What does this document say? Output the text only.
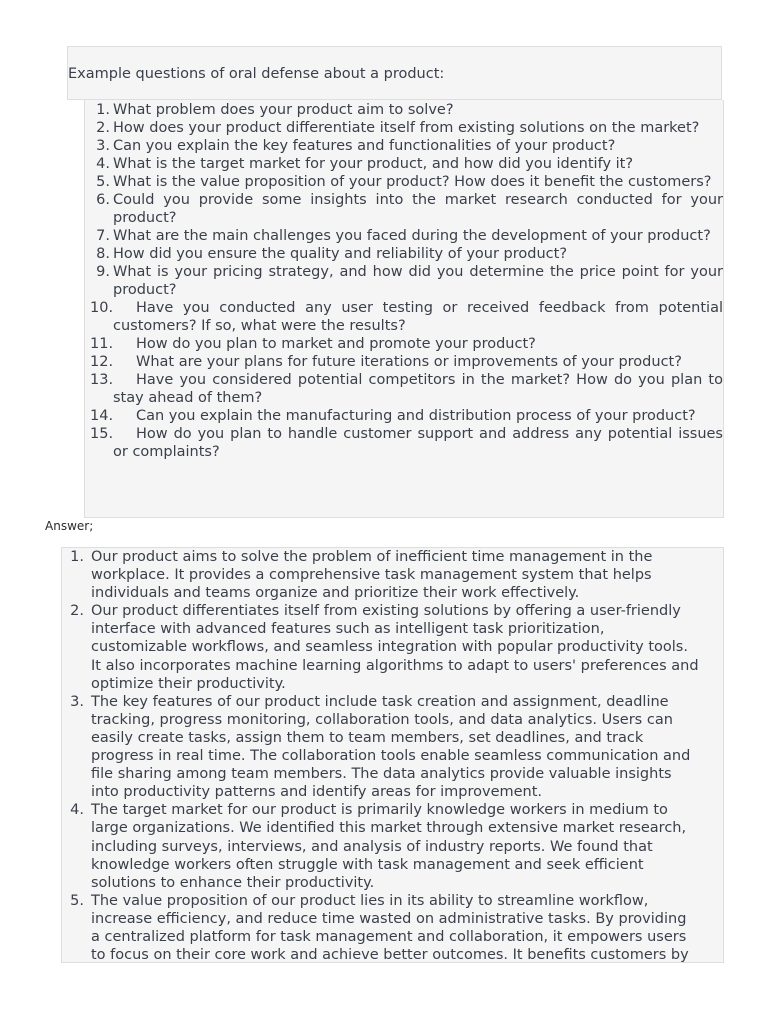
Example questions of oral defense about a product:
1. What problem does your product aim to solve?
2. How does your product differentiate itself from existing solutions on the market?
3. Can you explain the key features and functionalities of your product?
4. What is the target market for your product, and how did you identify it?
5. What is the value proposition of your product? How does it benefit the customers?
6. Could you provide some insights into the market research conducted for your product?
7. What are the main challenges you faced during the development of your product?
8. How did you ensure the quality and reliability of your product?
9. What is your pricing strategy, and how did you determine the price point for your product?
10.	Have you conducted any user testing or received feedback from potential customers? If so, what were the results?
11.	How do you plan to market and promote your product?
12.	What are your plans for future iterations or improvements of your product?
13.	Have you considered potential competitors in the market? How do you plan to stay ahead of them?
14.	Can you explain the manufacturing and distribution process of your product?
15.	How do you plan to handle customer support and address any potential issues or complaints?
Answer;
1. Our product aims to solve the problem of inefficient time management in the
workplace. It provides a comprehensive task management system that helps
individuals and teams organize and prioritize their work effectively.
2. Our product differentiates itself from existing solutions by offering a user-friendly
interface with advanced features such as intelligent task prioritization,
customizable workflows, and seamless integration with popular productivity tools.
It also incorporates machine learning algorithms to adapt to users' preferences and
optimize their productivity.
3. The key features of our product include task creation and assignment, deadline
tracking, progress monitoring, collaboration tools, and data analytics. Users can
easily create tasks, assign them to team members, set deadlines, and track
progress in real time. The collaboration tools enable seamless communication and
file sharing among team members. The data analytics provide valuable insights
into productivity patterns and identify areas for improvement.
4. The target market for our product is primarily knowledge workers in medium to
large organizations. We identified this market through extensive market research,
including surveys, interviews, and analysis of industry reports. We found that
knowledge workers often struggle with task management and seek efficient
solutions to enhance their productivity.
5. The value proposition of our product lies in its ability to streamline workflow,
increase efficiency, and reduce time wasted on administrative tasks. By providing
a centralized platform for task management and collaboration, it empowers users
to focus on their core work and achieve better outcomes. It benefits customers by
